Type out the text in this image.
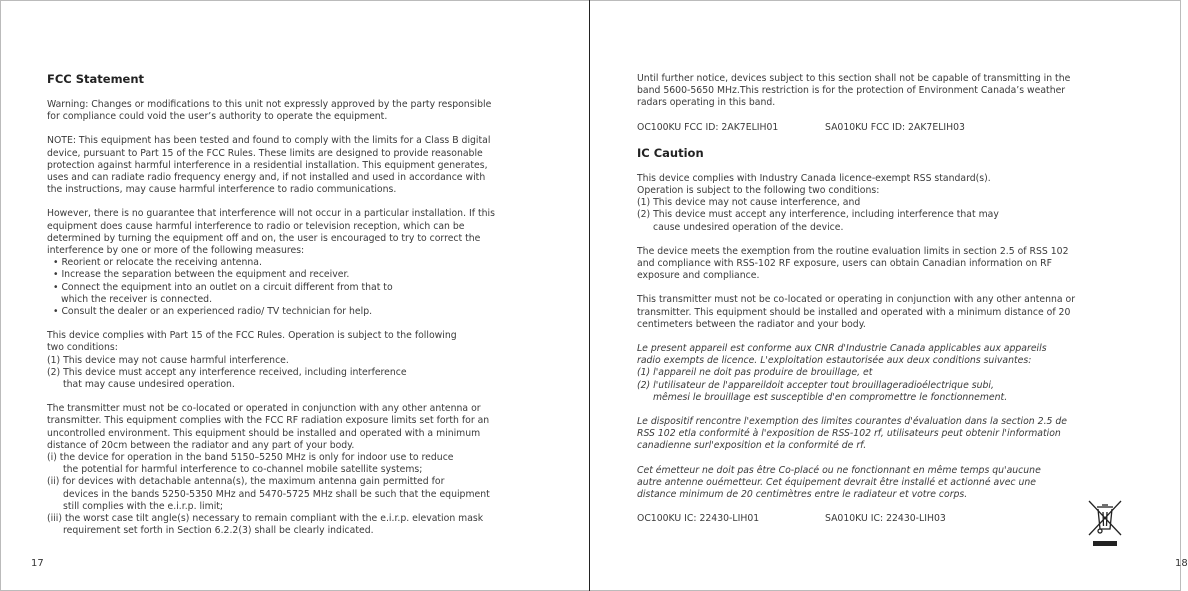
FCC Statement

Warning: Changes or modifications to this unit not expressly approved by the party responsible
for compliance could void the user’s authority to operate the equipment.

NOTE: This equipment has been tested and found to comply with the limits for a Class B digital
device, pursuant to Part 15 of the FCC Rules. These limits are designed to provide reasonable
protection against harmful interference in a residential installation. This equipment generates,
uses and can radiate radio frequency energy and, if not installed and used in accordance with
the instructions, may cause harmful interference to radio communications.

However, there is no guarantee that interference will not occur in a particular installation. If this
equipment does cause harmful interference to radio or television reception, which can be
determined by turning the equipment off and on, the user is encouraged to try to correct the
interference by one or more of the following measures:
• Reorient or relocate the receiving antenna.
• Increase the separation between the equipment and receiver.
• Connect the equipment into an outlet on a circuit different from that to
which the receiver is connected.
• Consult the dealer or an experienced radio/ TV technician for help.

This device complies with Part 15 of the FCC Rules. Operation is subject to the following
two conditions:
(1) This device may not cause harmful interference.
(2) This device must accept any interference received, including interference
that may cause undesired operation.

The transmitter must not be co-located or operated in conjunction with any other antenna or
transmitter. This equipment complies with the FCC RF radiation exposure limits set forth for an
uncontrolled environment. This equipment should be installed and operated with a minimum
distance of 20cm between the radiator and any part of your body.
(i) the device for operation in the band 5150–5250 MHz is only for indoor use to reduce
the potential for harmful interference to co-channel mobile satellite systems;
(ii) for devices with detachable antenna(s), the maximum antenna gain permitted for
devices in the bands 5250-5350 MHz and 5470-5725 MHz shall be such that the equipment
still complies with the e.i.r.p. limit;
(iii) the worst case tilt angle(s) necessary to remain compliant with the e.i.r.p. elevation mask
requirement set forth in Section 6.2.2(3) shall be clearly indicated.

17

Until further notice, devices subject to this section shall not be capable of transmitting in the
band 5600-5650 MHz.This restriction is for the protection of Environment Canada’s weather
radars operating in this band.

OC100KU FCC ID: 2AK7ELIH01	SA010KU FCC ID: 2AK7ELIH03

IC Caution

This device complies with Industry Canada licence-exempt RSS standard(s).
Operation is subject to the following two conditions:
(1) This device may not cause interference, and
(2) This device must accept any interference, including interference that may
cause undesired operation of the device.

The device meets the exemption from the routine evaluation limits in section 2.5 of RSS 102
and compliance with RSS-102 RF exposure, users can obtain Canadian information on RF
exposure and compliance.

This transmitter must not be co-located or operating in conjunction with any other antenna or
transmitter. This equipment should be installed and operated with a minimum distance of 20
centimeters between the radiator and your body.

Le present appareil est conforme aux CNR d'Industrie Canada applicables aux appareils
radio exempts de licence. L'exploitation estautorisée aux deux conditions suivantes:
(1) l'appareil ne doit pas produire de brouillage, et
(2) l'utilisateur de l'appareildoit accepter tout brouillageradioélectrique subi,
mêmesi le brouillage est susceptible d'en compromettre le fonctionnement.

Le dispositif rencontre l'exemption des limites courantes d'évaluation dans la section 2.5 de
RSS 102 etla conformité à l'exposition de RSS-102 rf, utilisateurs peut obtenir l'information
canadienne surl'exposition et la conformité de rf.

Cet émetteur ne doit pas être Co-placé ou ne fonctionnant en même temps qu'aucune
autre antenne ouémetteur. Cet équipement devrait être installé et actionné avec une
distance minimum de 20 centimètres entre le radiateur et votre corps.

OC100KU IC: 22430-LIH01	SA010KU IC: 22430-LIH03

18
